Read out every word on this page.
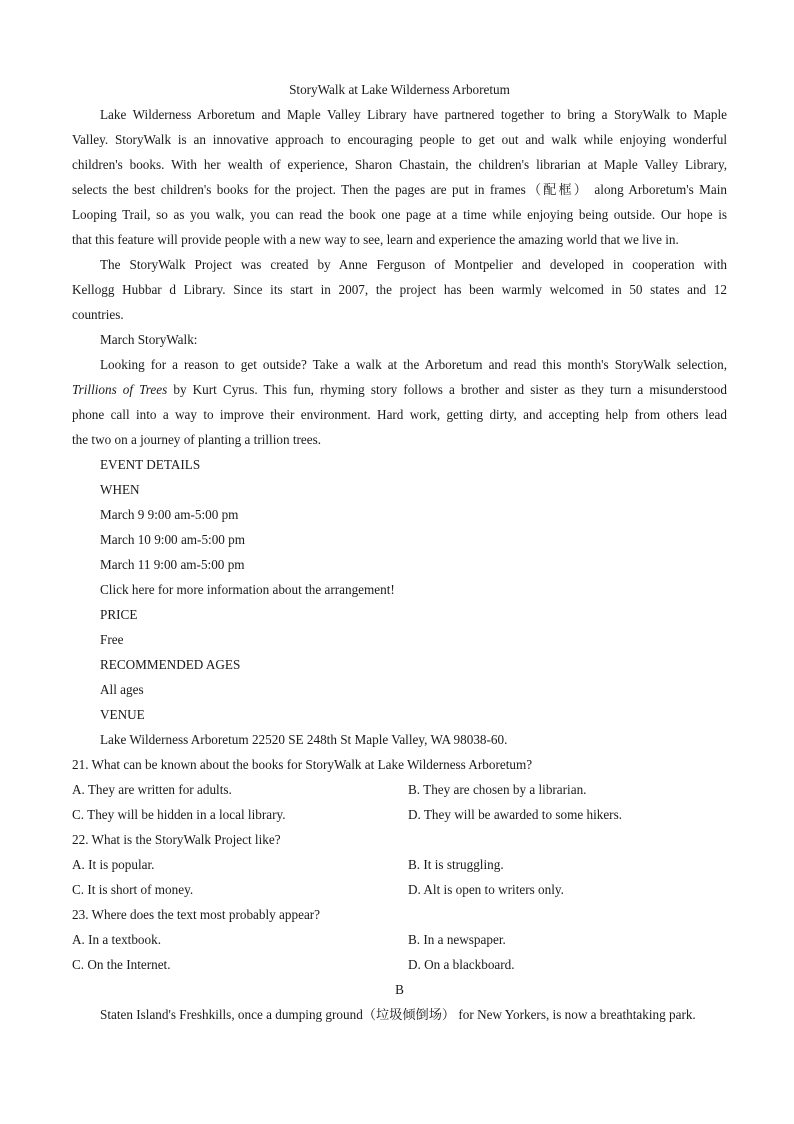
StoryWalk at Lake Wilderness Arboretum
Lake Wilderness Arboretum and Maple Valley Library have partnered together to bring a StoryWalk to Maple
Valley. StoryWalk is an innovative approach to encouraging people to get out and walk while enjoying wonderful
children's books. With her wealth of experience, Sharon Chastain, the children's librarian at Maple Valley Library,
selects the best children's books for the project. Then the pages are put in frames（配框） along Arboretum's Main
Looping Trail, so as you walk, you can read the book one page at a time while enjoying being outside. Our hope is
that this feature will provide people with a new way to see, learn and experience the amazing world that we live in.
The StoryWalk Project was created by Anne Ferguson of Montpelier and developed in cooperation with
Kellogg Hubbar d Library. Since its start in 2007, the project has been warmly welcomed in 50 states and 12
countries.
March StoryWalk:
Looking for a reason to get outside? Take a walk at the Arboretum and read this month's StoryWalk selection,
Trillions of Trees by Kurt Cyrus. This fun, rhyming story follows a brother and sister as they turn a misunderstood
phone call into a way to improve their environment. Hard work, getting dirty, and accepting help from others lead
the two on a journey of planting a trillion trees.
EVENT DETAILS
WHEN
March 9 9:00 am-5:00 pm
March 10 9:00 am-5:00 pm
March 11 9:00 am-5:00 pm
Click here for more information about the arrangement!
PRICE
Free
RECOMMENDED AGES
All ages
VENUE
Lake Wilderness Arboretum 22520 SE 248th St Maple Valley, WA 98038-60.
21. What can be known about the books for StoryWalk at Lake Wilderness Arboretum?
A. They are written for adults.	B. They are chosen by a librarian.
C. They will be hidden in a local library.	D. They will be awarded to some hikers.
22. What is the StoryWalk Project like?
A. It is popular.	B. It is struggling.
C. It is short of money.	D. Alt is open to writers only.
23. Where does the text most probably appear?
A. In a textbook.	B. In a newspaper.
C. On the Internet.	D. On a blackboard.
B
Staten Island's Freshkills, once a dumping ground（垃圾倾倒场） for New Yorkers, is now a breathtaking park.
